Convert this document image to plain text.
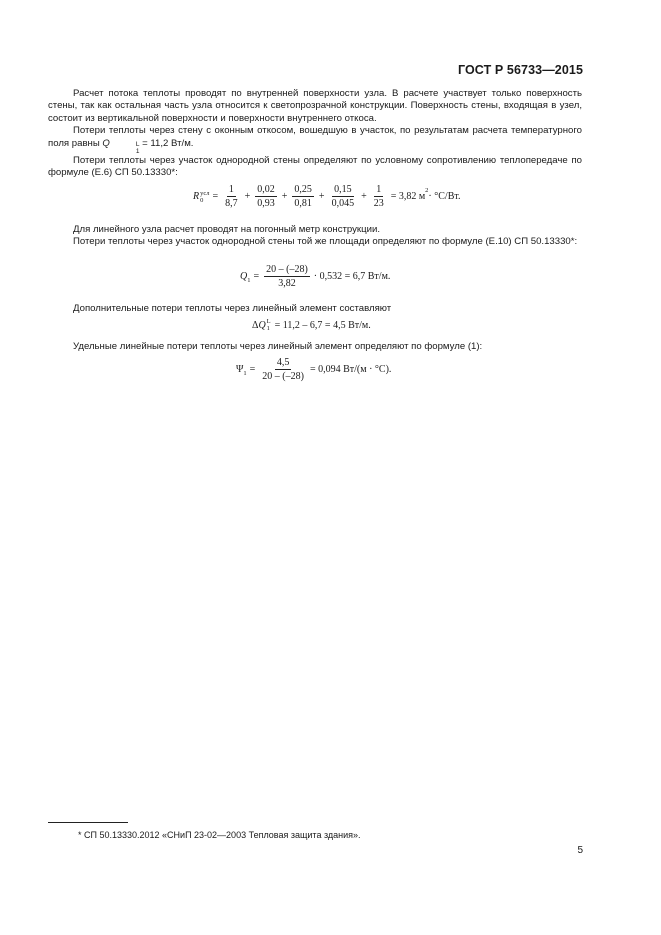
ГОСТ Р 56733—2015

Расчет потока теплоты проводят по внутренней поверхности узла. В расчете участвует только поверхность стены, так как остальная часть узла относится к светопрозрачной конструкции. Поверхность стены, входящая в узел, состоит из вертикальной поверхности и поверхности внутреннего откоса.

Потери теплоты через стену с оконным откосом, вошедшую в участок, по результатам расчета температурного поля равны Q	L
1
= 11,2 Вт/м.

Потери теплоты через участок однородной стены определяют по условному сопротивлению теплопередаче по формуле (Е.6) СП 50.13330*:

R усл
$0 = \frac{1}{8,7} + \frac{0,02}{0,93} + \frac{0,25}{0,81} + \frac{0,15}{0,045} + \frac{1}{23} = 3,82$ м
2
· °С/Вт.

Для линейного узла расчет проводят на погонный метр конструкции.

Потери теплоты через участок однородной стены той же площади определяют по формуле (Е.10) СП 50.13330*:

Q $1 = \frac{20 - (-28)}{3,82} \cdot 0,532 = 6,7$ Вт/м.

Дополнительные потери теплоты через линейный элемент составляют

Δ Q L
1 = 11,2 – 6,7 = 4,5 Вт/м.

Удельные линейные потери теплоты через линейный элемент определяют по формуле (1):

Ψ $1 = \frac{4,5}{20 - (-28)} = 0,094$ Вт/(м · °С).
* СП 50.13330.2012 «СНиП 23-02—2003 Тепловая защита здания».
5
